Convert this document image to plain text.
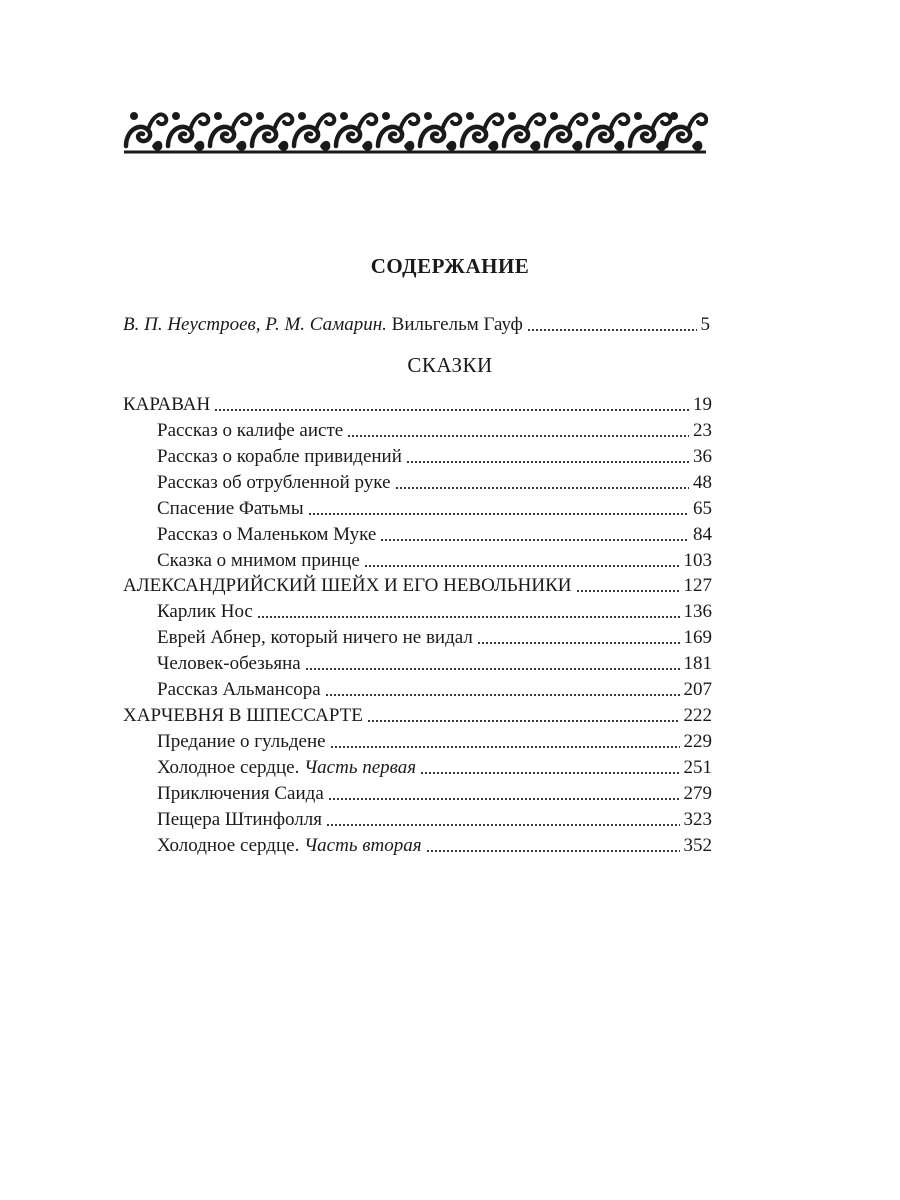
СОДЕРЖАНИЕ
В. П. Неустроев, Р. М. Самарин. Вильгельм Гауф	5
СКАЗКИ
КАРАВАН	19
Рассказ о калифе аисте	23
Рассказ о корабле привидений	36
Рассказ об отрубленной руке	48
Спасение Фатьмы	65
Рассказ о Маленьком Муке	84
Сказка о мнимом принце	103
АЛЕКСАНДРИЙСКИЙ ШЕЙХ И ЕГО НЕВОЛЬНИКИ	127
Карлик Нос	136
Еврей Абнер, который ничего не видал	169
Человек-обезьяна	181
Рассказ Альмансора	207
ХАРЧЕВНЯ В ШПЕССАРТЕ	222
Предание о гульдене	229
Холодное сердце. Часть первая	251
Приключения Саида	279
Пещера Штинфолля	323
Холодное сердце. Часть вторая	352
